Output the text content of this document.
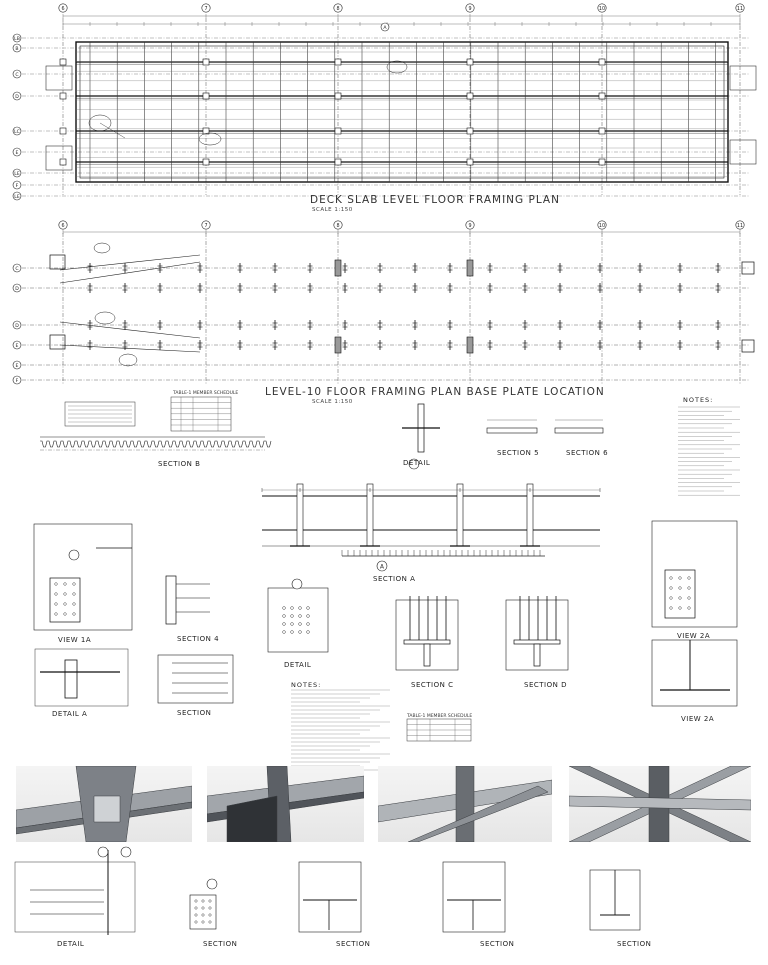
6	7	8	9	10	11
LB
B
C
D
LC
E
LE
F
LE
A
6	7	8	9	10	11
C
D
D
E
E
F
A
DECK SLAB LEVEL FLOOR FRAMING PLAN
SCALE 1:150
LEVEL-10 FLOOR FRAMING PLAN BASE PLATE LOCATION
SCALE 1:150	NOTES:
NOTES:
TABLE-1 MEMBER SCHEDULE
TABLE-1 MEMBER SCHEDULE
SECTION B	DETAIL
SECTION 5	SECTION 6
SECTION A
VIEW 1A	SECTION 4
DETAIL A	SECTION
DETAIL
SECTION C	SECTION D
VIEW 2A
VIEW 2A
DETAIL	SECTION	SECTION	SECTION	SECTION
